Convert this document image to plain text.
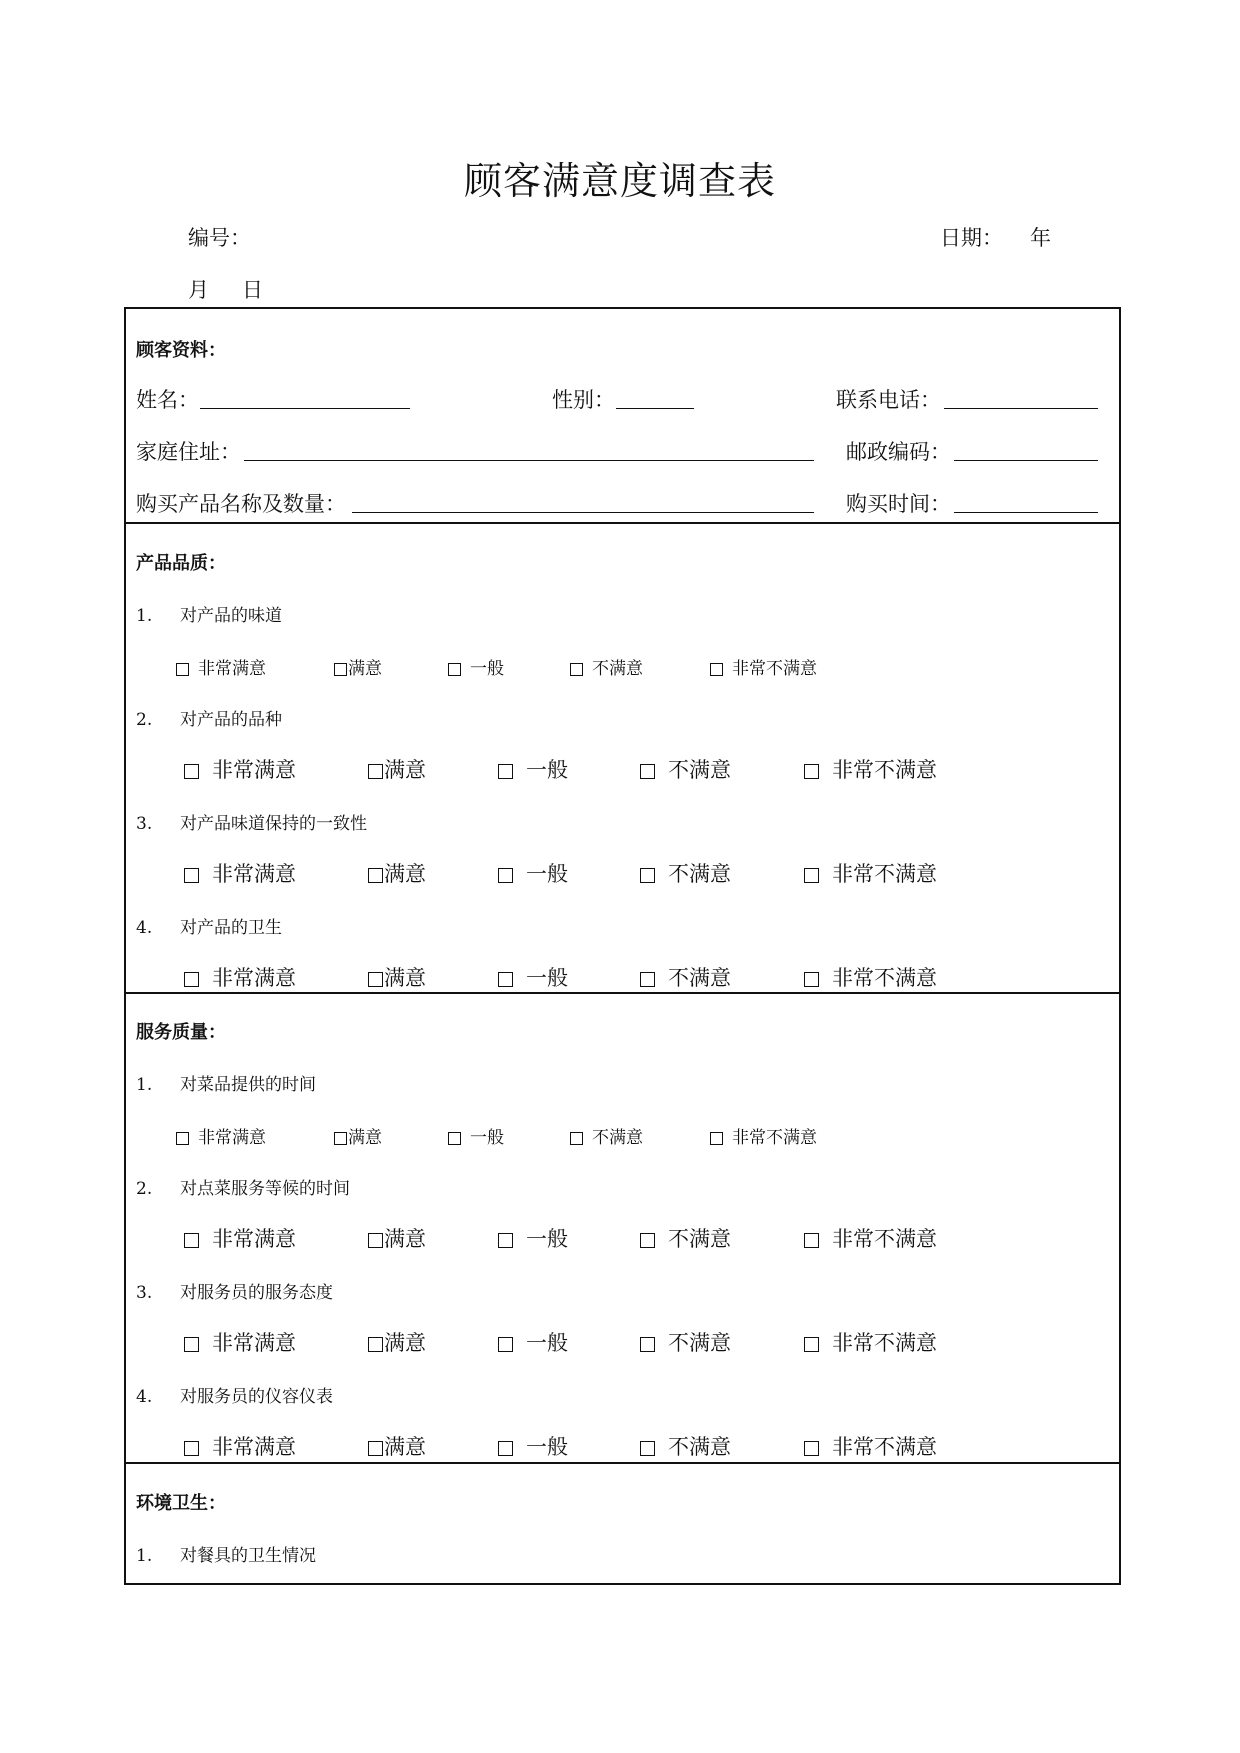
顾客满意度调查表
编号：	日期： 年
月 日
顾客资料：
姓名：	性别：	联系电话：
家庭住址：	邮政编码：
购买产品名称及数量：	购买时间：
产品品质：
1. 对产品的味道
非常满意	满意	一般	不满意	非常不满意
2. 对产品的品种
非常满意	满意	一般	不满意	非常不满意
3. 对产品味道保持的一致性
非常满意	满意	一般	不满意	非常不满意
4. 对产品的卫生
非常满意	满意	一般	不满意	非常不满意
服务质量：
1. 对菜品提供的时间
非常满意	满意	一般	不满意	非常不满意
2. 对点菜服务等候的时间
非常满意	满意	一般	不满意	非常不满意
3. 对服务员的服务态度
非常满意	满意	一般	不满意	非常不满意
4. 对服务员的仪容仪表
非常满意	满意	一般	不满意	非常不满意
环境卫生：
1. 对餐具的卫生情况
